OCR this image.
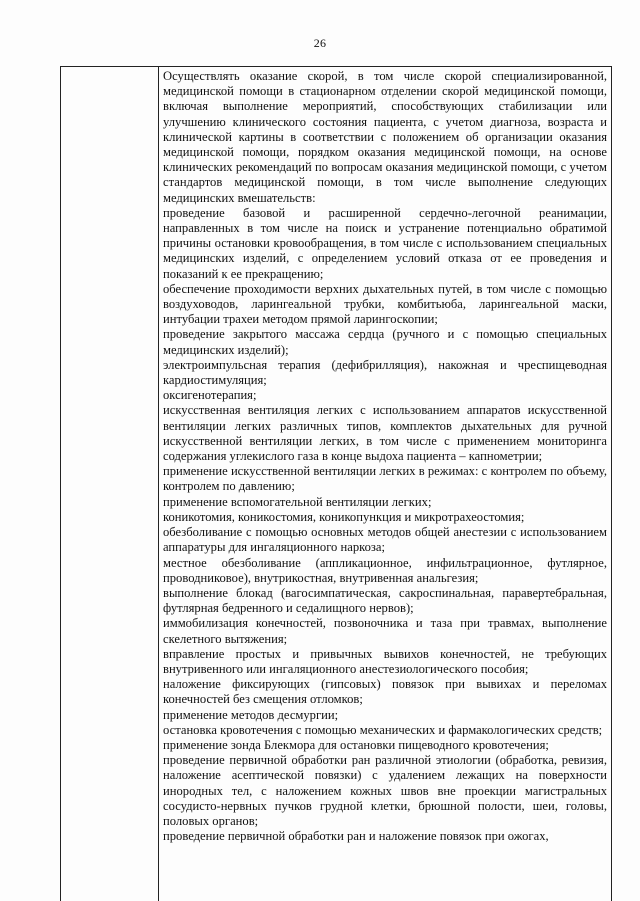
26

Осуществлять оказание скорой, в том числе скорой специализированной, медицинской помощи в стационарном отделении скорой медицинской помощи, включая выполнение мероприятий, способствующих стабилизации или улучшению клинического состояния пациента, с учетом диагноза, возраста и клинической картины в соответствии с положением об организации оказания медицинской помощи, порядком оказания медицинской помощи, на основе клинических рекомендаций по вопросам оказания медицинской помощи, с учетом стандартов медицинской помощи, в том числе выполнение следующих медицинских вмешательств:

проведение базовой и расширенной сердечно-легочной реанимации, направленных в том числе на поиск и устранение потенциально обратимой причины остановки кровообращения, в том числе с использованием специальных медицинских изделий, с определением условий отказа от ее проведения и показаний к ее прекращению;

обеспечение проходимости верхних дыхательных путей, в том числе с помощью воздуховодов, ларингеальной трубки, комбитьюба, ларингеальной маски, интубации трахеи методом прямой ларингоскопии;

проведение закрытого массажа сердца (ручного и с помощью специальных медицинских изделий);

электроимпульсная терапия (дефибрилляция), накожная и чреспищеводная кардиостимуляция;

оксигенотерапия;

искусственная вентиляция легких с использованием аппаратов искусственной вентиляции легких различных типов, комплектов дыхательных для ручной искусственной вентиляции легких, в том числе с применением мониторинга содержания углекислого газа в конце выдоха пациента – капнометрии;

применение искусственной вентиляции легких в режимах: с контролем по объему, контролем по давлению;

применение вспомогательной вентиляции легких;

коникотомия, коникостомия, коникопункция и микротрахеостомия;

обезболивание с помощью основных методов общей анестезии с использованием аппаратуры для ингаляционного наркоза;

местное обезболивание (аппликационное, инфильтрационное, футлярное, проводниковое), внутрикостная, внутривенная анальгезия;

выполнение блокад (вагосимпатическая, сакроспинальная, паравертебральная, футлярная бедренного и седалищного нервов);

иммобилизация конечностей, позвоночника и таза при травмах, выполнение скелетного вытяжения;

вправление простых и привычных вывихов конечностей, не требующих внутривенного или ингаляционного анестезиологического пособия;

наложение фиксирующих (гипсовых) повязок при вывихах и переломах конечностей без смещения отломков;

применение методов десмургии;

остановка кровотечения с помощью механических и фармакологических средств;

применение зонда Блекмора для остановки пищеводного кровотечения;

проведение первичной обработки ран различной этиологии (обработка, ревизия, наложение асептической повязки) с удалением лежащих на поверхности инородных тел, с наложением кожных швов вне проекции магистральных сосудисто-нервных пучков грудной клетки, брюшной полости, шеи, головы, половых органов;

проведение первичной обработки ран и наложение повязок при ожогах,
